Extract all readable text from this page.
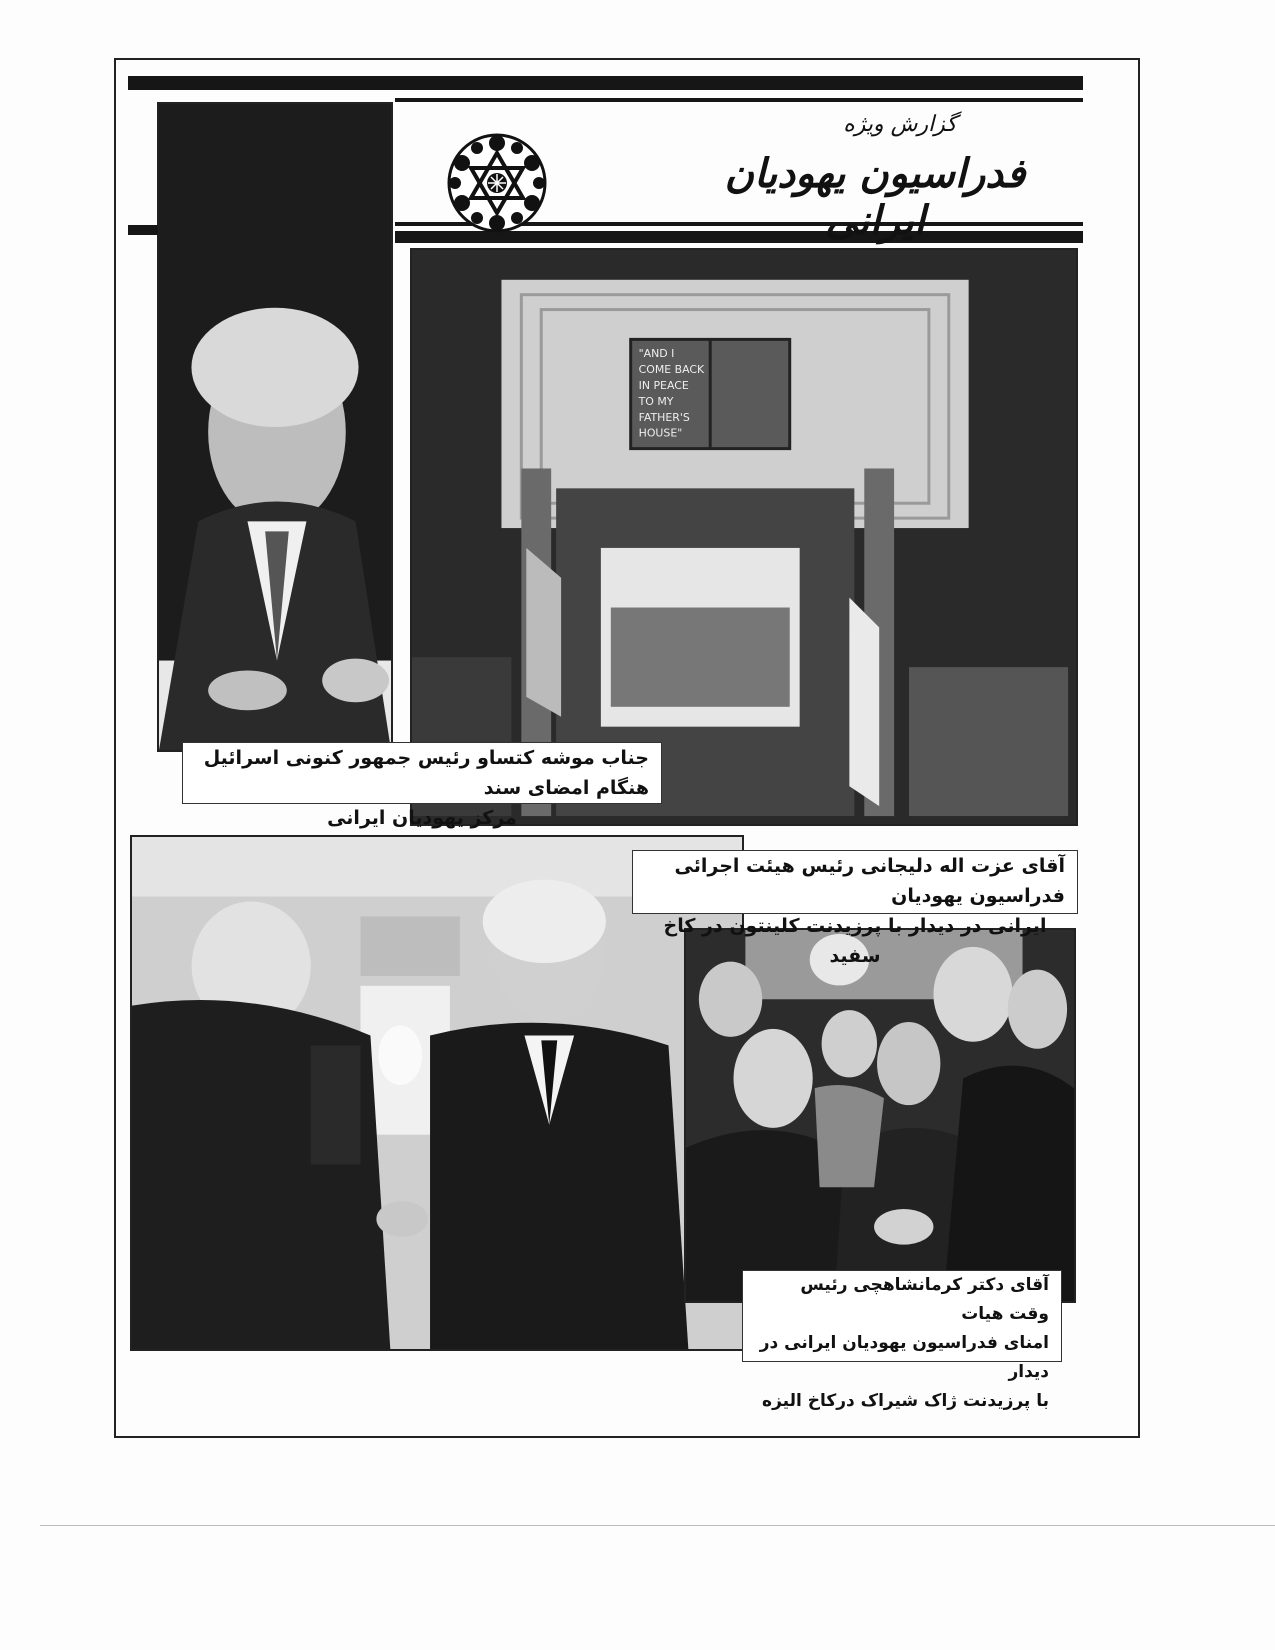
گزارش ویژه
فدراسیون یهودیان ایرانی
"AND I
COME BACK
IN PEACE
TO MY
FATHER'S
HOUSE"
جناب موشه کتساو رئیس جمهور کنونی اسرائیل هنگام امضای سند
مرکز یهودیان ایرانی
آقای عزت اله دلیجانی رئیس هیئت اجرائی فدراسیون یهودیان
ایرانی در دیدار با پرزیدنت کلینتون در کاخ سفید
آقای دکتر کرمانشاهچی رئیس وقت هیات
امنای فدراسیون یهودیان ایرانی در دیدار
با پرزیدنت ژاک شیراک درکاخ الیزه
